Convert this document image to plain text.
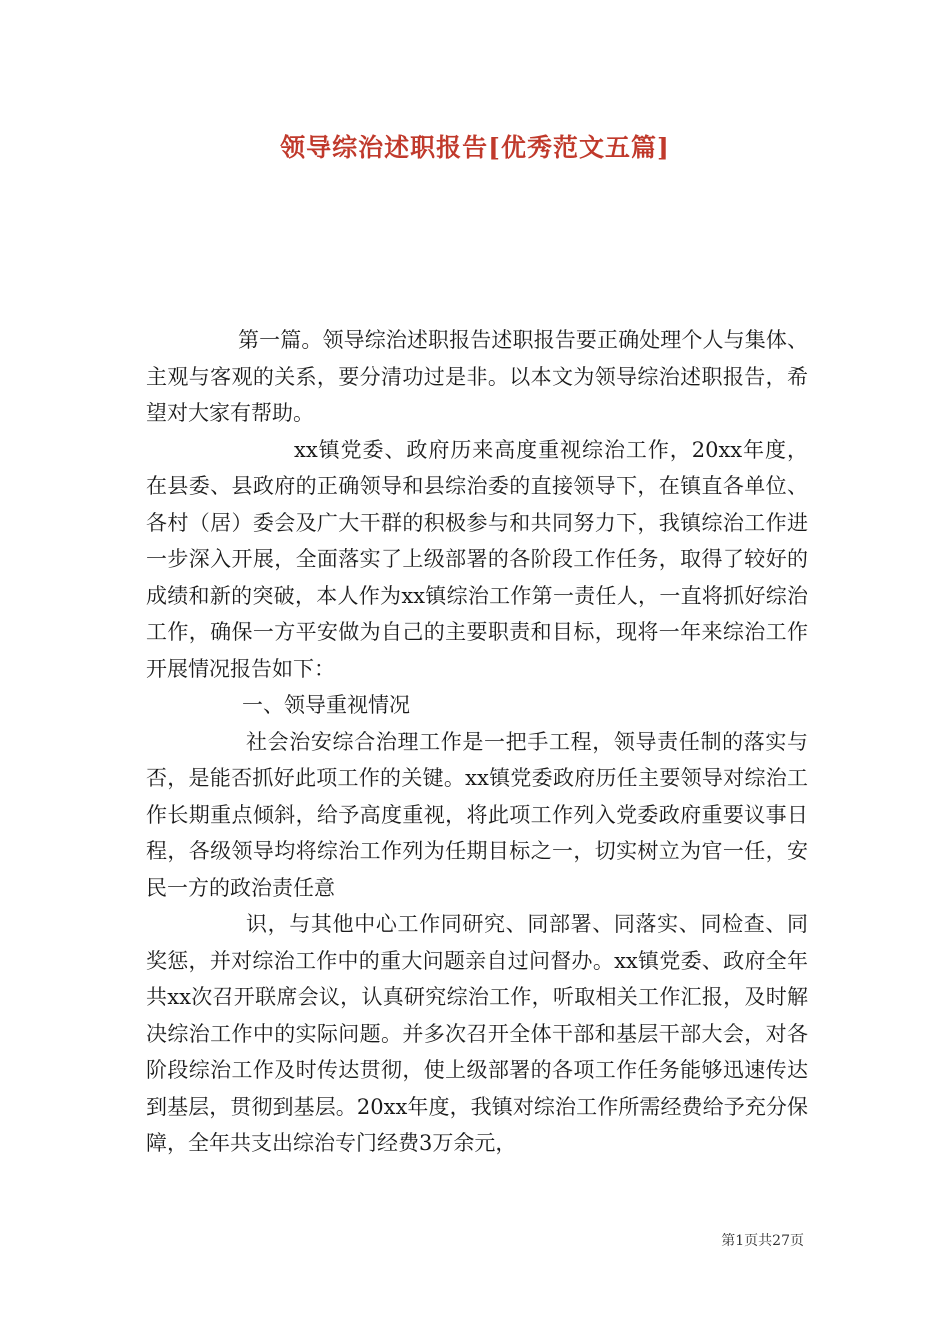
领导综治述职报告[优秀范文五篇]

第一篇。领导综治述职报告述职报告要正确处理个人与集体、主观与客观的关系，要分清功过是非。以本文为领导综治述职报告，希望对大家有帮助。

xx镇党委、政府历来高度重视综治工作，20xx年度，在县委、县政府的正确领导和县综治委的直接领导下，在镇直各单位、各村（居）委会及广大干群的积极参与和共同努力下，我镇综治工作进一步深入开展，全面落实了上级部署的各阶段工作任务，取得了较好的成绩和新的突破，本人作为xx镇综治工作第一责任人，一直将抓好综治工作，确保一方平安做为自己的主要职责和目标，现将一年来综治工作开展情况报告如下：

一、领导重视情况

社会治安综合治理工作是一把手工程，领导责任制的落实与否，是能否抓好此项工作的关键。xx镇党委政府历任主要领导对综治工作长期重点倾斜，给予高度重视，将此项工作列入党委政府重要议事日程，各级领导均将综治工作列为任期目标之一，切实树立为官一任，安民一方的政治责任意

识，与其他中心工作同研究、同部署、同落实、同检查、同奖惩，并对综治工作中的重大问题亲自过问督办。xx镇党委、政府全年共xx次召开联席会议，认真研究综治工作，听取相关工作汇报，及时解决综治工作中的实际问题。并多次召开全体干部和基层干部大会，对各阶段综治工作及时传达贯彻，使上级部署的各项工作任务能够迅速传达到基层，贯彻到基层。20xx年度，我镇对综治工作所需经费给予充分保障，全年共支出综治专门经费3万余元，

第1页共27页
